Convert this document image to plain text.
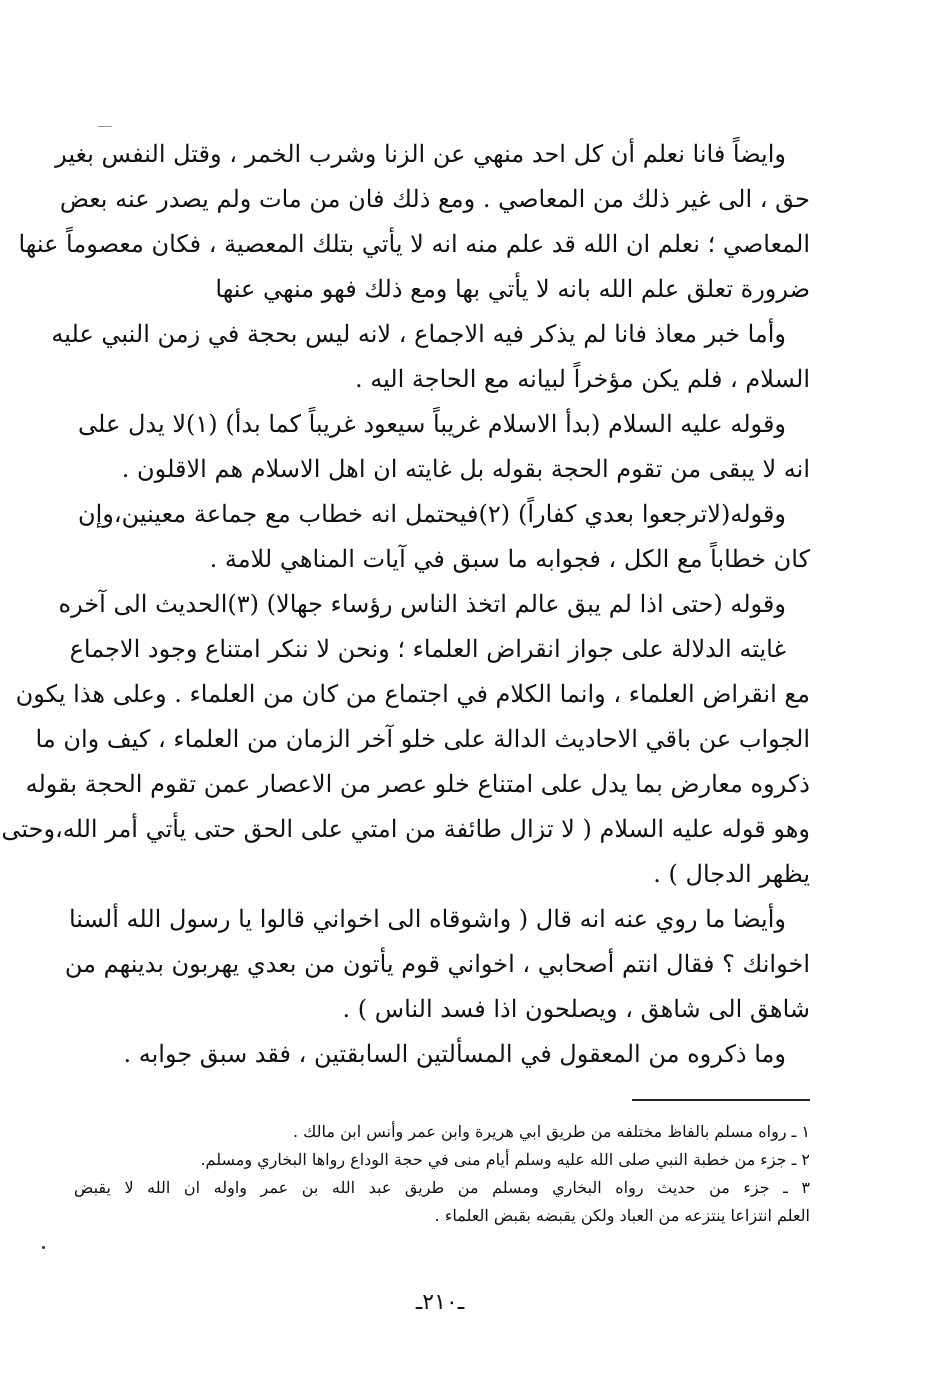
وايضاً فانا نعلم أن كل احد منهي عن الزنا وشرب الخمر ، وقتل النفس بغير
حق ، الى غير ذلك من المعاصي . ومع ذلك فان من مات ولم يصدر عنه بعض
المعاصي ؛ نعلم ان الله قد علم منه انه لا يأتي بتلك المعصية ، فكان معصوماً عنها
ضرورة تعلق علم الله بانه لا يأتي بها ومع ذلك فهو منهي عنها
وأما خبر معاذ فانا لم يذكر فيه الاجماع ، لانه ليس بحجة في زمن النبي عليه
السلام ، فلم يكن مؤخراً لبيانه مع الحاجة اليه .
وقوله عليه السلام (بدأ الاسلام غريباً سيعود غريباً كما بدأ) (١)لا يدل على
انه لا يبقى من تقوم الحجة بقوله بل غايته ان اهل الاسلام هم الاقلون .
وقوله(لاترجعوا بعدي كفاراً) (٢)فيحتمل انه خطاب مع جماعة معينين،وإن
كان خطاباً مع الكل ، فجوابه ما سبق في آيات المناهي للامة .
وقوله (حتى اذا لم يبق عالم اتخذ الناس رؤساء جهالا) (٣)الحديث الى آخره
غايته الدلالة على جواز انقراض العلماء ؛ ونحن لا ننكر امتناع وجود الاجماع
مع انقراض العلماء ، وانما الكلام في اجتماع من كان من العلماء . وعلى هذا يكون
الجواب عن باقي الاحاديث الدالة على خلو آخر الزمان من العلماء ، كيف وان ما
ذكروه معارض بما يدل على امتناع خلو عصر من الاعصار عمن تقوم الحجة بقوله
وهو قوله عليه السلام ( لا تزال طائفة من امتي على الحق حتى يأتي أمر الله،وحتى
يظهر الدجال ) .
وأيضا ما روي عنه انه قال ( واشوقاه الى اخواني قالوا يا رسول الله ألسنا
اخوانك ؟ فقال انتم أصحابي ، اخواني قوم يأتون من بعدي يهربون بدينهم من
شاهق الى شاهق ، ويصلحون اذا فسد الناس ) .
وما ذكروه من المعقول في المسألتين السابقتين ، فقد سبق جوابه .
١ ـ رواه مسلم بالفاظ مختلفه من طريق ابي هريرة وابن عمر وأنس ابن مالك .
٢ ـ جزء من خطبة النبي صلى الله عليه وسلم أيام منى في حجة الوداع رواها البخاري ومسلم.
٣ ـ جزء من حديث رواه البخاري ومسلم من طريق عبد الله بن عمر واوله ان الله لا يقبض
العلم انتزاعا ينتزعه من العباد ولكن يقبضه بقبض العلماء .
ـ٢١٠ـ
